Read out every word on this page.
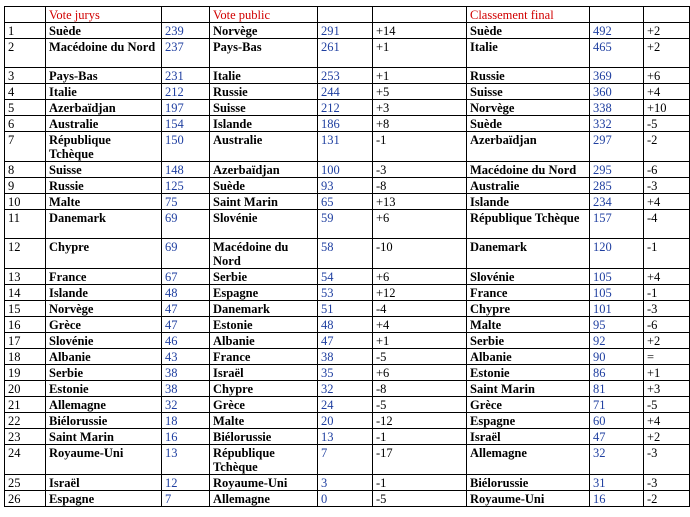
	Vote jurys		Vote public			Classement final		
1	Suède	239	Norvège	291	+14	Suède	492	+2
2	Macédoine du Nord	237	Pays-Bas	261	+1	Italie	465	+2
3	Pays-Bas	231	Italie	253	+1	Russie	369	+6
4	Italie	212	Russie	244	+5	Suisse	360	+4
5	Azerbaïdjan	197	Suisse	212	+3	Norvège	338	+10
6	Australie	154	Islande	186	+8	Suède	332	-5
7	République Tchèque	150	Australie	131	-1	Azerbaïdjan	297	-2
8	Suisse	148	Azerbaïdjan	100	-3	Macédoine du Nord	295	-6
9	Russie	125	Suède	93	-8	Australie	285	-3
10	Malte	75	Saint Marin	65	+13	Islande	234	+4
11	Danemark	69	Slovénie	59	+6	République Tchèque	157	-4
12	Chypre	69	Macédoine du Nord	58	-10	Danemark	120	-1
13	France	67	Serbie	54	+6	Slovénie	105	+4
14	Islande	48	Espagne	53	+12	France	105	-1
15	Norvège	47	Danemark	51	-4	Chypre	101	-3
16	Grèce	47	Estonie	48	+4	Malte	95	-6
17	Slovénie	46	Albanie	47	+1	Serbie	92	+2
18	Albanie	43	France	38	-5	Albanie	90	=
19	Serbie	38	Israël	35	+6	Estonie	86	+1
20	Estonie	38	Chypre	32	-8	Saint Marin	81	+3
21	Allemagne	32	Grèce	24	-5	Grèce	71	-5
22	Biélorussie	18	Malte	20	-12	Espagne	60	+4
23	Saint Marin	16	Biélorussie	13	-1	Israël	47	+2
24	Royaume-Uni	13	République Tchèque	7	-17	Allemagne	32	-3
25	Israël	12	Royaume-Uni	3	-1	Biélorussie	31	-3
26	Espagne	7	Allemagne	0	-5	Royaume-Uni	16	-2
